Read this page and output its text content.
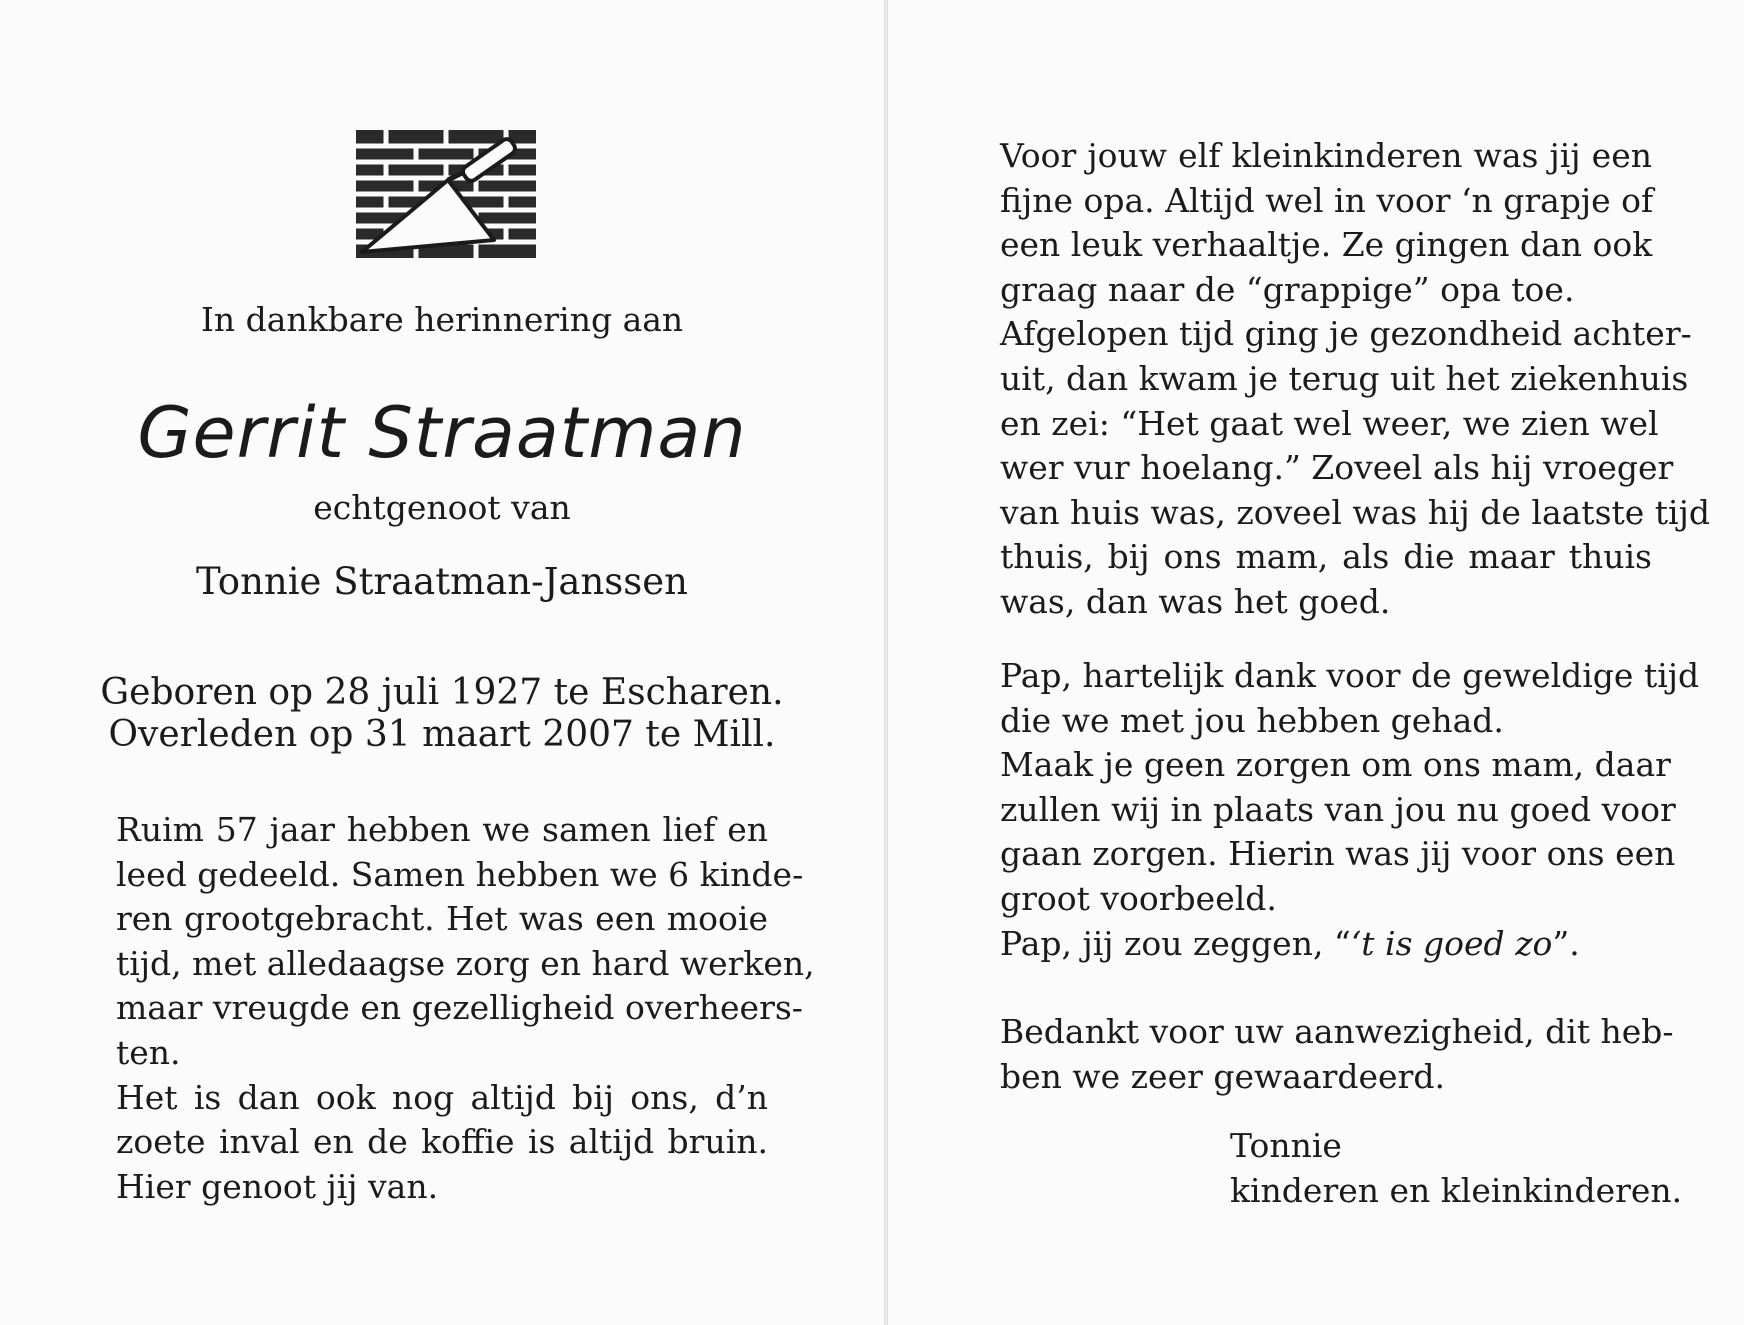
In dankbare herinnering aan
Gerrit Straatman
echtgenoot van
Tonnie Straatman-Janssen
Geboren op 28 juli 1927 te Escharen.
Overleden op 31 maart 2007 te Mill.
Ruim 57 jaar hebben we samen lief en
leed gedeeld. Samen hebben we 6 kinde-
ren grootgebracht. Het was een mooie
tijd, met alledaagse zorg en hard werken,
maar vreugde en gezelligheid overheers-
ten.
Het is dan ook nog altijd bij ons, d’n
zoete inval en de koffie is altijd bruin.
Hier genoot jij van.
Voor jouw elf kleinkinderen was jij een
fijne opa. Altijd wel in voor ‘n grapje of
een leuk verhaaltje. Ze gingen dan ook
graag naar de “grappige” opa toe.
Afgelopen tijd ging je gezondheid achter-
uit, dan kwam je terug uit het ziekenhuis
en zei: “Het gaat wel weer, we zien wel
wer vur hoelang.” Zoveel als hij vroeger
van huis was, zoveel was hij de laatste tijd
thuis, bij ons mam, als die maar thuis
was, dan was het goed.
Pap, hartelijk dank voor de geweldige tijd
die we met jou hebben gehad.
Maak je geen zorgen om ons mam, daar
zullen wij in plaats van jou nu goed voor
gaan zorgen. Hierin was jij voor ons een
groot voorbeeld.
Pap, jij zou zeggen, “‘t is goed zo”.
Bedankt voor uw aanwezigheid, dit heb-
ben we zeer gewaardeerd.
Tonnie
kinderen en kleinkinderen.
